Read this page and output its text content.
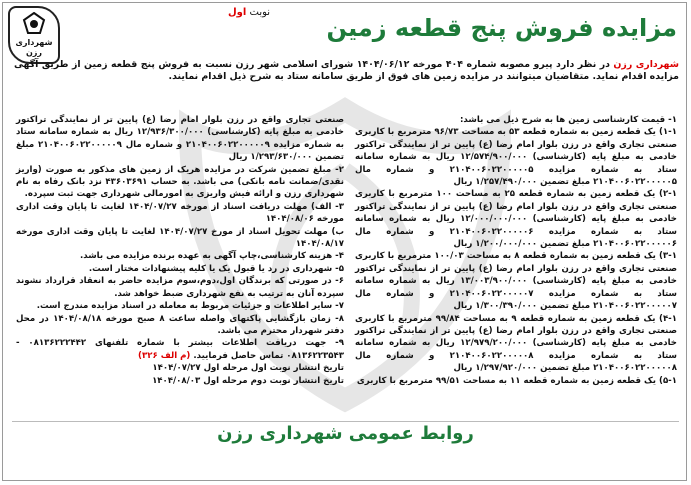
شهرداری
رزن
نوبت اول
مزایده فروش پنج قطعه زمین
شهرداری رزن در نظر دارد پیرو مصوبه شماره ۴۰۴ مورخه ۱۴۰۴/۰۶/۱۲ شورای اسلامی شهر رزن نسبت به فروش پنج قطعه زمین از طریق آگهی مزایده اقدام نماید. متقاضیان میتوانند در مزایده زمین های فوق از طریق سامانه ستاد به شرح ذیل اقدام نمایند.

۱- قیمت کارشناسی زمین ها به شرح ذیل می باشد:

۱-۱) یک قطعه زمین به شماره قطعه ۵۳ به مساحت ۹۶/۷۳ مترمربع با کاربری صنعتی تجاری واقع در رزن بلوار امام رضا (ع) پایین تر از نمایندگی تراکتور خادمی به مبلغ پایه (کارشناسی) ۱۲/۵۷۴/۹۰۰/۰۰۰ ریال به شماره سامانه ستاد به شماره مزایده ۲۱۰۴۰۰۶۰۲۲۰۰۰۰۰۵ و شماره مال ۲۱۰۴۰۰۶۰۲۲۰۰۰۰۰۵ مبلغ تضمین ۱/۲۵۷/۴۹۰/۰۰۰ ریال

۲-۱) یک قطعه زمین به شماره قطعه ۲۵ به مساحت ۱۰۰ مترمربع با کاربری صنعتی تجاری واقع در رزن بلوار امام رضا (ع) پایین تر از نمایندگی تراکتور خادمی به مبلغ پایه (کارشناسی) ۱۲/۰۰۰/۰۰۰/۰۰۰ ریال به شماره سامانه ستاد به شماره مزایده ۲۱۰۴۰۰۶۰۲۲۰۰۰۰۰۶ و شماره مال ۲۱۰۴۰۰۶۰۲۲۰۰۰۰۰۶ مبلغ تضمین ۱/۲۰۰/۰۰۰/۰۰۰ ریال

۳-۱) یک قطعه زمین به شماره قطعه ۸ به مساحت ۱۰۰/۰۳ مترمربع با کاربری صنعتی تجاری واقع در رزن بلوار امام رضا (ع) پایین تر از نمایندگی تراکتور خادمی به مبلغ پایه (کارشناسی) ۱۳/۰۰۳/۹۰۰/۰۰۰ ریال به شماره سامانه ستاد به شماره مزایده ۲۱۰۴۰۰۶۰۲۲۰۰۰۰۰۷ و شماره مال ۲۱۰۴۰۰۶۰۲۲۰۰۰۰۰۷ مبلغ تضمین ۱/۳۰۰/۳۹۰/۰۰۰ ریال

۴-۱) یک قطعه زمین به شماره قطعه ۹ به مساحت ۹۹/۸۴ مترمربع با کاربری صنعتی تجاری واقع در رزن بلوار امام رضا (ع) پایین تر از نمایندگی تراکتور خادمی به مبلغ پایه (کارشناسی) ۱۲/۹۷۹/۲۰۰/۰۰۰ ریال به شماره سامانه ستاد به شماره مزایده ۲۱۰۴۰۰۶۰۲۲۰۰۰۰۰۸ و شماره مال ۲۱۰۴۰۰۶۰۲۲۰۰۰۰۰۸ مبلغ تضمین ۱/۲۹۷/۹۲۰/۰۰۰ ریال

۵-۱) یک قطعه زمین به شماره قطعه ۱۱ به مساحت ۹۹/۵۱ مترمربع با کاربری

صنعتی تجاری واقع در رزن بلوار امام رضا (ع) پایین تر از نمایندگی تراکتور خادمی به مبلغ پایه (کارشناسی) ۱۲/۹۳۶/۳۰۰/۰۰۰ ریال به شماره سامانه ستاد به شماره مزایده ۲۱۰۴۰۰۶۰۲۲۰۰۰۰۰۹ و شماره مال ۲۱۰۴۰۰۶۰۲۲۰۰۰۰۰۹ مبلغ تضمین ۱/۲۹۳/۶۳۰/۰۰۰ ریال

۲- مبلغ تضمین شرکت در مزایده هریک از زمین های مذکور به صورت (واریز نقدی/ضمانت نامه بانکی) می باشد. به حساب ۴۳۶۰۳۶۹۱ نزد بانک رفاه به نام شهرداری رزن و ارائه فیش واریزی به امورمالی شهرداری جهت ثبت سپرده.

۳- الف) مهلت دریافت اسناد از مورخه ۱۴۰۴/۰۷/۲۷ لغایت تا پایان وقت اداری مورخه ۱۴۰۴/۰۸/۰۶

ب) مهلت تحویل اسناد از مورخ ۱۴۰۴/۰۷/۲۷ لغایت تا پایان وقت اداری مورخه ۱۴۰۴/۰۸/۱۷

۴- هزینه کارشناسی،چاپ آگهی به عهده برنده مزایده می باشد.

۵- شهرداری در رد یا قبول یک یا کلیه پیشنهادات مختار است.

۶- در صورتی که برندگان اول،دوم،سوم مزایده حاضر به انعقاد قرارداد نشوند سپرده آنان به ترتیب به نفع شهرداری ضبط خواهد شد.

۷- سایر اطلاعات و جزئیات مربوط به معامله در اسناد مزایده مندرج است.

۸- زمان بازگشایی پاکتهای واصله ساعت ۸ صبح مورخه ۱۴۰۴/۰۸/۱۸ در محل دفتر شهردار محترم می باشد.

۹- جهت دریافت اطلاعات بیشتر با شماره تلفنهای ۰۸۱۳۶۲۲۲۴۴۲ - ۰۸۱۳۶۲۲۳۵۴۳ تماس حاصل فرمایید. (م الف ۳۲۶)

تاریخ انتشار نوبت اول مرحله اول ۱۴۰۴/۰۷/۲۷

تاریخ انتشار نوبت دوم مرحله اول ۱۴۰۴/۰۸/۰۳

روابط عمومی شهرداری رزن
